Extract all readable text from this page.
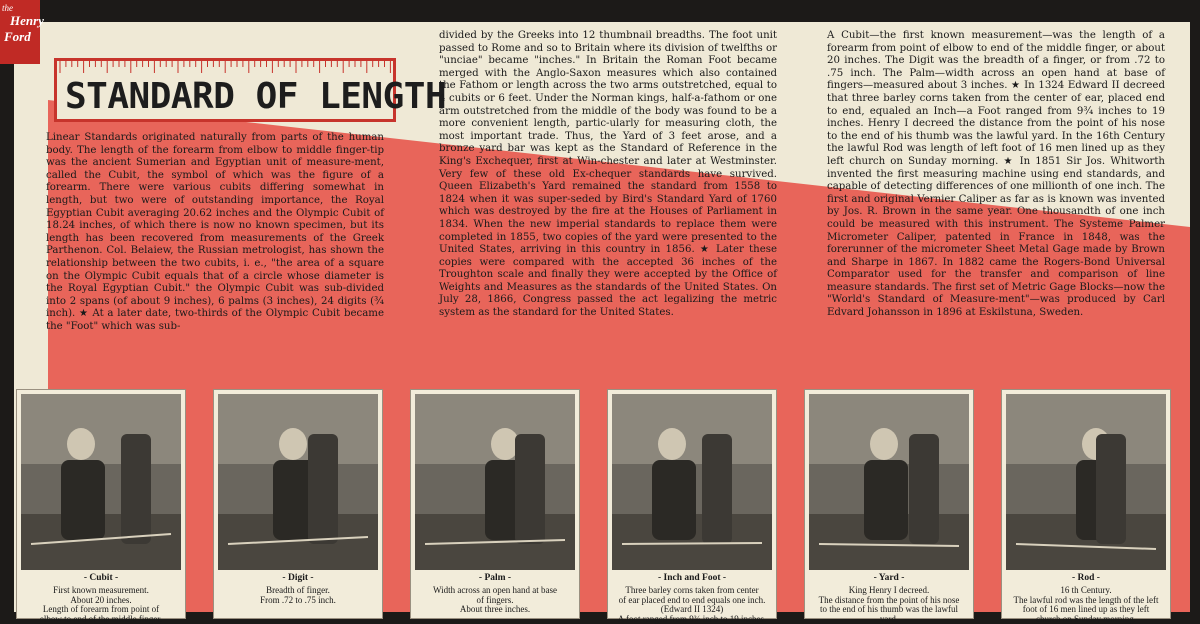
STANDARD OF LENGTH

Linear Standards originated naturally from parts of the human body. The length of the forearm from elbow to middle finger-tip was the ancient Sumerian and Egyptian unit of measure-ment, called the Cubit, the symbol of which was the figure of a forearm. There were various cubits differing somewhat in length, but two were of outstanding importance, the Royal Egyptian Cubit averaging 20.62 inches and the Olympic Cubit of 18.24 inches, of which there is now no known specimen, but its length has been recovered from measurements of the Greek Parthenon. Col. Belaiew, the Russian metrologist, has shown the relationship between the two cubits, i. e., "the area of a square on the Olympic Cubit equals that of a circle whose diameter is the Royal Egyptian Cubit." the Olympic Cubit was sub-divided into 2 spans (of about 9 inches), 6 palms (3 inches), 24 digits (¾ inch). ★ At a later date, two-thirds of the Olympic Cubit became the "Foot" which was sub-

divided by the Greeks into 12 thumbnail breadths. The foot unit passed to Rome and so to Britain where its division of twelfths or "unciae" became "inches." In Britain the Roman Foot became merged with the Anglo-Saxon measures which also contained the Fathom or length across the two arms outstretched, equal to 4 cubits or 6 feet. Under the Norman kings, half-a-fathom or one arm outstretched from the middle of the body was found to be a more convenient length, partic-ularly for measuring cloth, the most important trade. Thus, the Yard of 3 feet arose, and a bronze yard bar was kept as the Standard of Reference in the King's Exchequer, first at Win-chester and later at Westminster. Very few of these old Ex-chequer standards have survived. Queen Elizabeth's Yard remained the standard from 1558 to 1824 when it was super-seded by Bird's Standard Yard of 1760 which was destroyed by the fire at the Houses of Parliament in 1834. When the new imperial standards to replace them were completed in 1855, two copies of the yard were presented to the United States, arriving in this country in 1856. ★ Later these copies were compared with the accepted 36 inches of the Troughton scale and finally they were accepted by the Office of Weights and Measures as the standards of the United States. On July 28, 1866, Congress passed the act legalizing the metric system as the standard for the United States.

A Cubit—the first known measurement—was the length of a forearm from point of elbow to end of the middle finger, or about 20 inches. The Digit was the breadth of a finger, or from .72 to .75 inch. The Palm—width across an open hand at base of fingers—measured about 3 inches. ★ In 1324 Edward II decreed that three barley corns taken from the center of ear, placed end to end, equaled an Inch—a Foot ranged from 9¾ inches to 19 inches. Henry I decreed the distance from the point of his nose to the end of his thumb was the lawful yard. In the 16th Century the lawful Rod was length of left foot of 16 men lined up as they left church on Sunday morning. ★ In 1851 Sir Jos. Whitworth invented the first measuring machine using end standards, and capable of detecting differences of one millionth of one inch. The first and original Vernier Caliper as far as is known was invented by Jos. R. Brown in the same year. One thousandth of one inch could be measured with this instrument. The Systeme Palmer Micrometer Caliper, patented in France in 1848, was the forerunner of the micrometer Sheet Metal Gage made by Brown and Sharpe in 1867. In 1882 came the Rogers-Bond Universal Comparator used for the transfer and comparison of line measure standards. The first set of Metric Gage Blocks—now the "World's Standard of Measure-ment"—was produced by Carl Edvard Johansson in 1896 at Eskilstuna, Sweden.

- Cubit -
First known measurement.
About 20 inches.
Length of forearm from point of
elbow to end of the middle finger.
- Digit -
Breadth of finger.
From .72 to .75 inch.
- Palm -
Width across an open hand at base
of fingers.
About three inches.
- Inch and Foot -
Three barley corns taken from center
of ear placed end to end equals one inch.
(Edward II 1324)
A foot ranged from 9¾ inch to 19 inches.
- Yard -
King Henry I decreed.
The distance from the point of his nose
to the end of his thumb was the lawful
yard.
- Rod -
16 th Century.
The lawful rod was the length of the left
foot of 16 men lined up as they left
church on Sunday morning.
the
Henry
Ford
